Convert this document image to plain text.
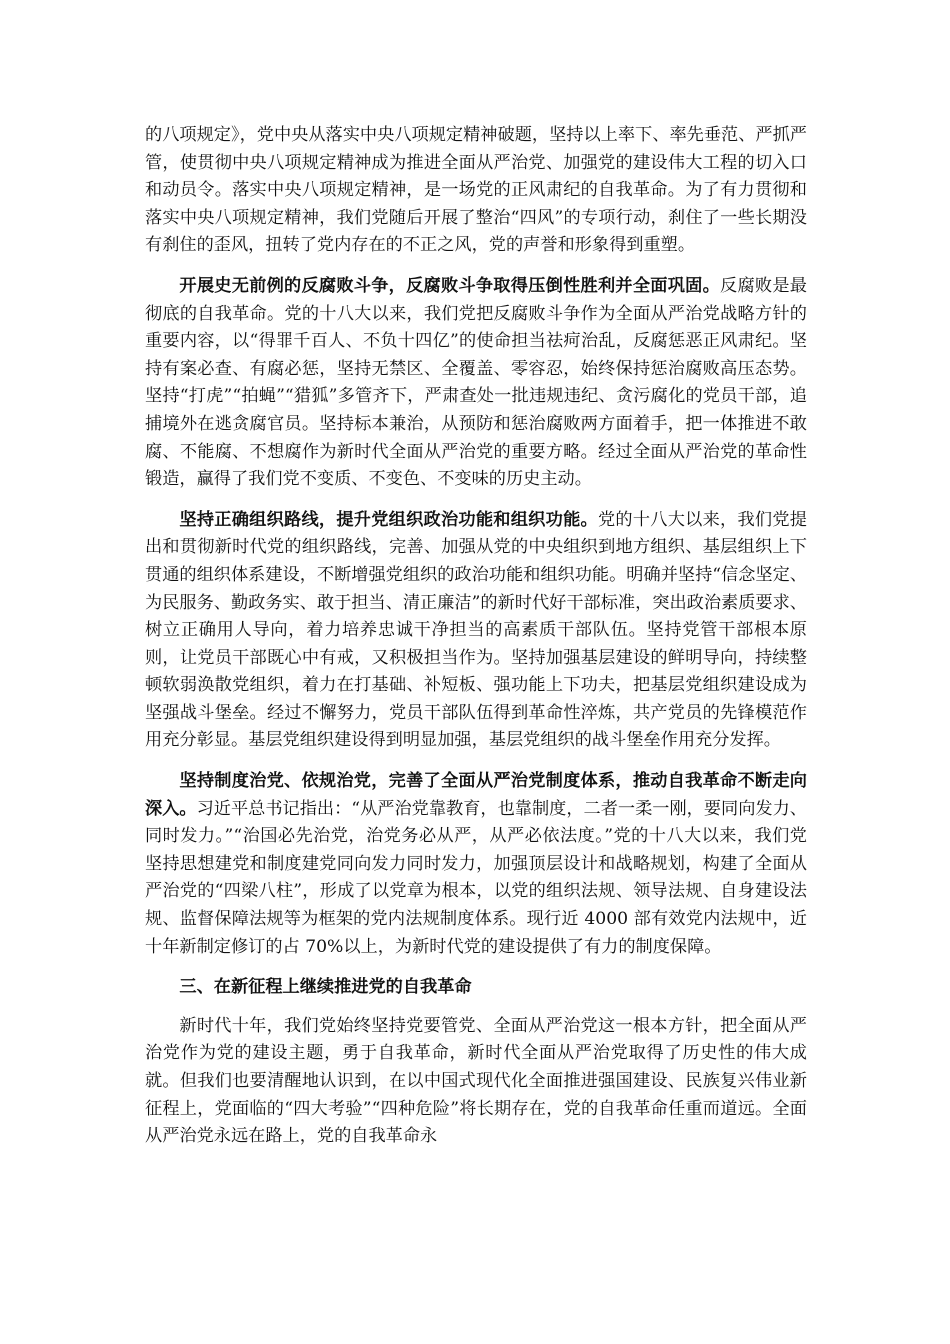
的八项规定》，党中央从落实中央八项规定精神破题，坚持以上率下、率先垂范、严抓严管，使贯彻中央八项规定精神成为推进全面从严治党、加强党的建设伟大工程的切入口和动员令。落实中央八项规定精神，是一场党的正风肃纪的自我革命。为了有力贯彻和落实中央八项规定精神，我们党随后开展了整治“四风”的专项行动，刹住了一些长期没有刹住的歪风，扭转了党内存在的不正之风，党的声誉和形象得到重塑。

开展史无前例的反腐败斗争，反腐败斗争取得压倒性胜利并全面巩固。反腐败是最彻底的自我革命。党的十八大以来，我们党把反腐败斗争作为全面从严治党战略方针的重要内容，以“得罪千百人、不负十四亿”的使命担当祛疴治乱，反腐惩恶正风肃纪。坚持有案必查、有腐必惩，坚持无禁区、全覆盖、零容忍，始终保持惩治腐败高压态势。坚持“打虎”“拍蝇”“猎狐”多管齐下，严肃查处一批违规违纪、贪污腐化的党员干部，追捕境外在逃贪腐官员。坚持标本兼治，从预防和惩治腐败两方面着手，把一体推进不敢腐、不能腐、不想腐作为新时代全面从严治党的重要方略。经过全面从严治党的革命性锻造，赢得了我们党不变质、不变色、不变味的历史主动。

坚持正确组织路线，提升党组织政治功能和组织功能。党的十八大以来，我们党提出和贯彻新时代党的组织路线，完善、加强从党的中央组织到地方组织、基层组织上下贯通的组织体系建设，不断增强党组织的政治功能和组织功能。明确并坚持“信念坚定、为民服务、勤政务实、敢于担当、清正廉洁”的新时代好干部标准，突出政治素质要求、树立正确用人导向，着力培养忠诚干净担当的高素质干部队伍。坚持党管干部根本原则，让党员干部既心中有戒，又积极担当作为。坚持加强基层建设的鲜明导向，持续整顿软弱涣散党组织，着力在打基础、补短板、强功能上下功夫，把基层党组织建设成为坚强战斗堡垒。经过不懈努力，党员干部队伍得到革命性淬炼，共产党员的先锋模范作用充分彰显。基层党组织建设得到明显加强，基层党组织的战斗堡垒作用充分发挥。

坚持制度治党、依规治党，完善了全面从严治党制度体系，推动自我革命不断走向深入。习近平总书记指出：“从严治党靠教育，也靠制度，二者一柔一刚，要同向发力、同时发力。”“治国必先治党，治党务必从严，从严必依法度。”党的十八大以来，我们党坚持思想建党和制度建党同向发力同时发力，加强顶层设计和战略规划，构建了全面从严治党的“四梁八柱”，形成了以党章为根本，以党的组织法规、领导法规、自身建设法规、监督保障法规等为框架的党内法规制度体系。现行近 4000 部有效党内法规中，近十年新制定修订的占 70%以上，为新时代党的建设提供了有力的制度保障。

三、在新征程上继续推进党的自我革命

新时代十年，我们党始终坚持党要管党、全面从严治党这一根本方针，把全面从严治党作为党的建设主题，勇于自我革命，新时代全面从严治党取得了历史性的伟大成就。但我们也要清醒地认识到，在以中国式现代化全面推进强国建设、民族复兴伟业新征程上，党面临的“四大考验”“四种危险”将长期存在，党的自我革命任重而道远。全面从严治党永远在路上，党的自我革命永
